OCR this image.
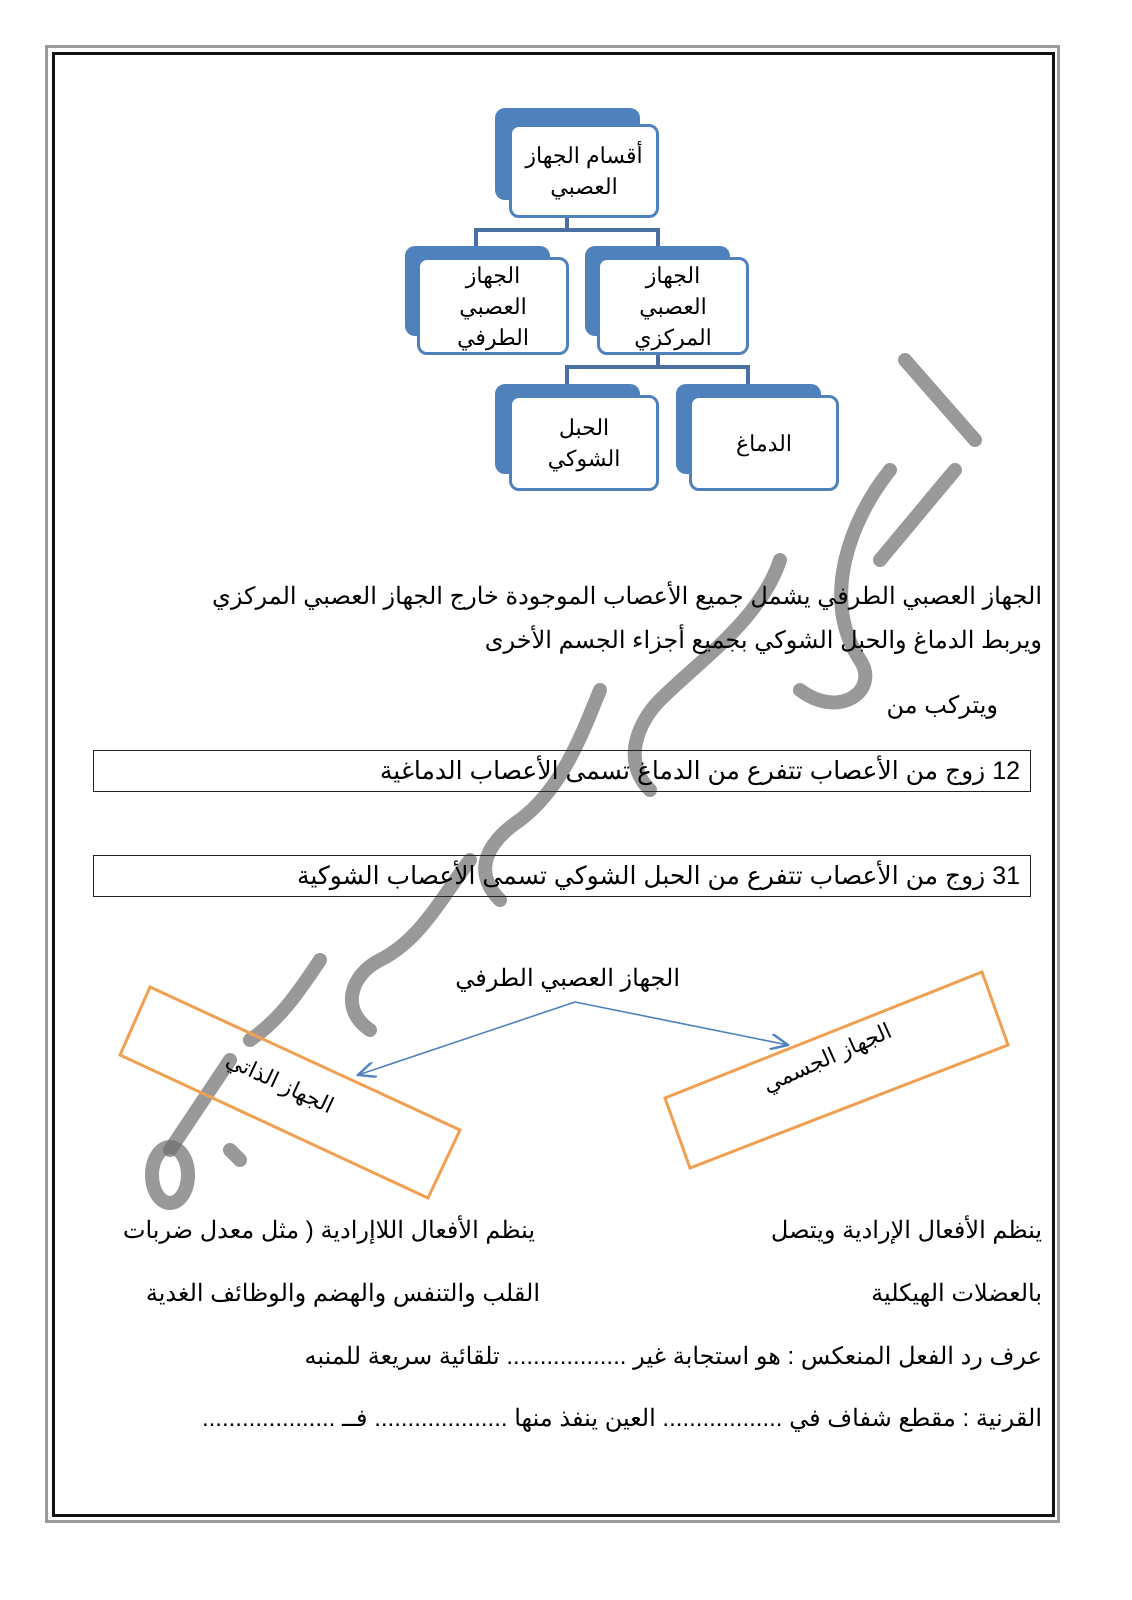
أقسام الجهاز
العصبي
الجهاز
العصبي
الطرفي
الجهاز
العصبي
المركزي
الحبل
الشوكي
الدماغ
الجهاز العصبي الطرفي يشمل جميع الأعصاب الموجودة خارج الجهاز العصبي المركزي
ويربط الدماغ والحبل الشوكي بجميع أجزاء الجسم الأخرى
ويتركب من
12 زوج من الأعصاب تتفرع من الدماغ تسمى الأعصاب الدماغية
31 زوج من الأعصاب تتفرع من الحبل الشوكي تسمى الأعصاب الشوكية
الجهاز العصبي الطرفي
الجهاز الذاتي	الجهاز الجسمي
ينظم الأفعال الإرادية ويتصل
بالعضلات الهيكلية
ينظم الأفعال اللاإرادية ( مثل معدل ضربات
القلب والتنفس والهضم والوظائف الغدية
عرف رد الفعل المنعكس : هو استجابة غير .................. تلقائية سريعة للمنبه
القرنية : مقطع شفاف في .................. العين ينفذ منها .................... فــ ....................
